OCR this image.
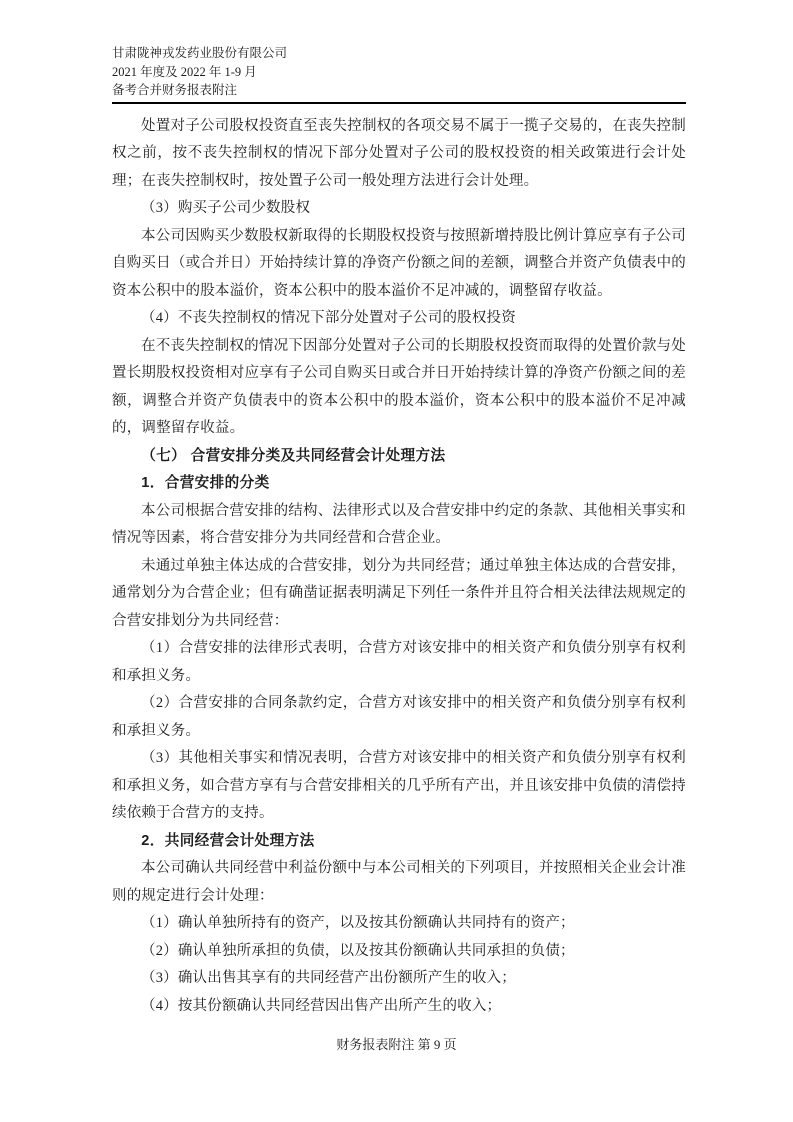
甘肃陇神戎发药业股份有限公司
2021 年度及 2022 年 1-9 月
备考合并财务报表附注

处置对子公司股权投资直至丧失控制权的各项交易不属于一揽子交易的，在丧失控制权之前，按不丧失控制权的情况下部分处置对子公司的股权投资的相关政策进行会计处理；在丧失控制权时，按处置子公司一般处理方法进行会计处理。

（3）购买子公司少数股权

本公司因购买少数股权新取得的长期股权投资与按照新增持股比例计算应享有子公司自购买日（或合并日）开始持续计算的净资产份额之间的差额，调整合并资产负债表中的资本公积中的股本溢价，资本公积中的股本溢价不足冲减的，调整留存收益。

（4）不丧失控制权的情况下部分处置对子公司的股权投资

在不丧失控制权的情况下因部分处置对子公司的长期股权投资而取得的处置价款与处置长期股权投资相对应享有子公司自购买日或合并日开始持续计算的净资产份额之间的差额，调整合并资产负债表中的资本公积中的股本溢价，资本公积中的股本溢价不足冲减的，调整留存收益。

（七） 合营安排分类及共同经营会计处理方法

1．合营安排的分类

本公司根据合营安排的结构、法律形式以及合营安排中约定的条款、其他相关事实和情况等因素，将合营安排分为共同经营和合营企业。

未通过单独主体达成的合营安排，划分为共同经营；通过单独主体达成的合营安排，通常划分为合营企业；但有确凿证据表明满足下列任一条件并且符合相关法律法规规定的合营安排划分为共同经营：

（1）合营安排的法律形式表明，合营方对该安排中的相关资产和负债分别享有权利和承担义务。

（2）合营安排的合同条款约定，合营方对该安排中的相关资产和负债分别享有权利和承担义务。

（3）其他相关事实和情况表明，合营方对该安排中的相关资产和负债分别享有权利和承担义务，如合营方享有与合营安排相关的几乎所有产出，并且该安排中负债的清偿持续依赖于合营方的支持。

2．共同经营会计处理方法

本公司确认共同经营中利益份额中与本公司相关的下列项目，并按照相关企业会计准则的规定进行会计处理：

（1）确认单独所持有的资产，以及按其份额确认共同持有的资产；

（2）确认单独所承担的负债，以及按其份额确认共同承担的负债；

（3）确认出售其享有的共同经营产出份额所产生的收入；

（4）按其份额确认共同经营因出售产出所产生的收入；

财务报表附注 第 9 页
